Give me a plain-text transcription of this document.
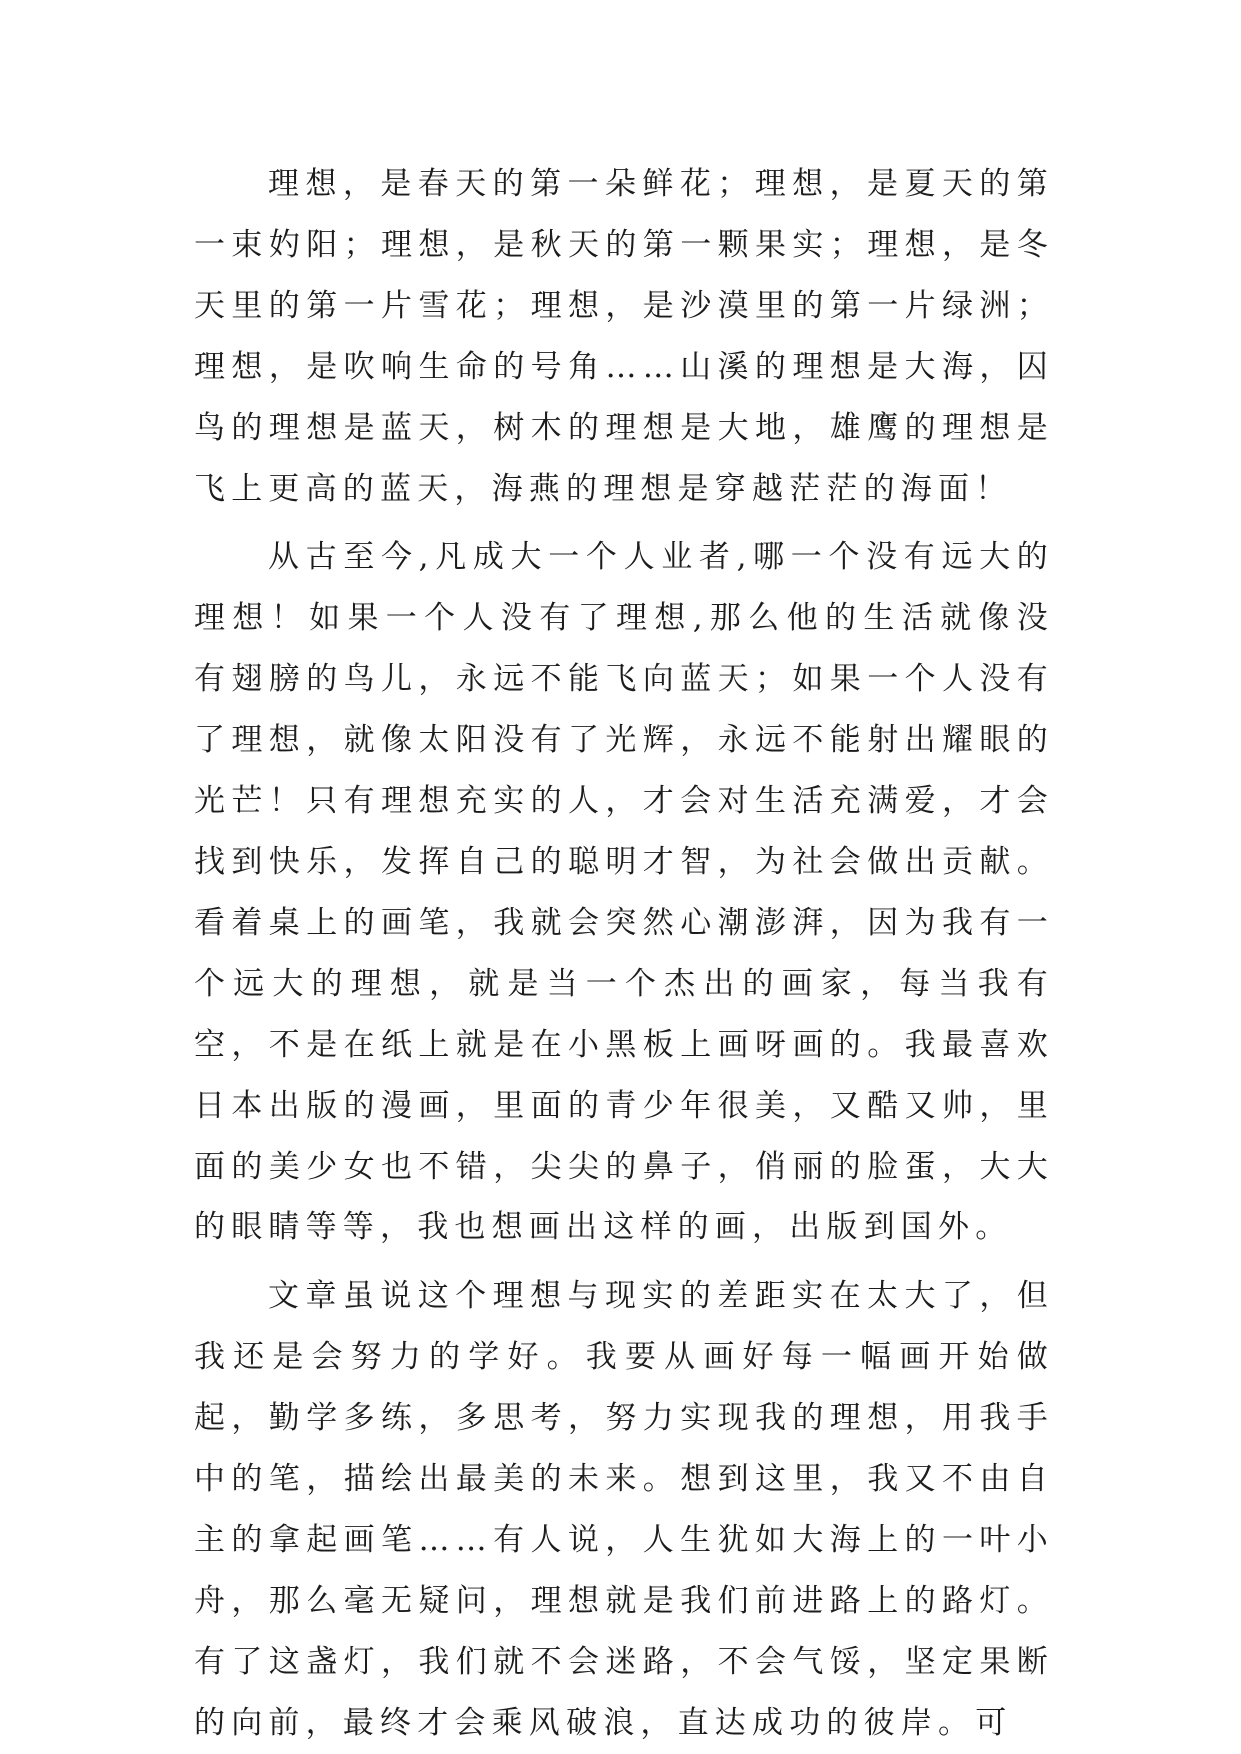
理想，是春天的第一朵鲜花；理想，是夏天的第一束妁阳；理想，是秋天的第一颗果实；理想，是冬天里的第一片雪花；理想，是沙漠里的第一片绿洲；理想，是吹响生命的号角……山溪的理想是大海，囚鸟的理想是蓝天，树木的理想是大地，雄鹰的理想是飞上更高的蓝天，海燕的理想是穿越茫茫的海面！

从古至今,凡成大一个人业者,哪一个没有远大的理想！如果一个人没有了理想,那么他的生活就像没有翅膀的鸟儿，永远不能飞向蓝天；如果一个人没有了理想，就像太阳没有了光辉，永远不能射出耀眼的光芒！只有理想充实的人，才会对生活充满爱，才会找到快乐，发挥自己的聪明才智，为社会做出贡献。看着桌上的画笔，我就会突然心潮澎湃，因为我有一个远大的理想，就是当一个杰出的画家，每当我有空，不是在纸上就是在小黑板上画呀画的。我最喜欢日本出版的漫画，里面的青少年很美，又酷又帅，里面的美少女也不错，尖尖的鼻子，俏丽的脸蛋，大大的眼睛等等，我也想画出这样的画，出版到国外。

文章虽说这个理想与现实的差距实在太大了，但我还是会努力的学好。我要从画好每一幅画开始做起，勤学多练，多思考，努力实现我的理想，用我手中的笔，描绘出最美的未来。想到这里，我又不由自主的拿起画笔……有人说，人生犹如大海上的一叶小舟，那么毫无疑问，理想就是我们前进路上的路灯。有了这盏灯，我们就不会迷路，不会气馁，坚定果断的向前，最终才会乘风破浪，直达成功的彼岸。可
